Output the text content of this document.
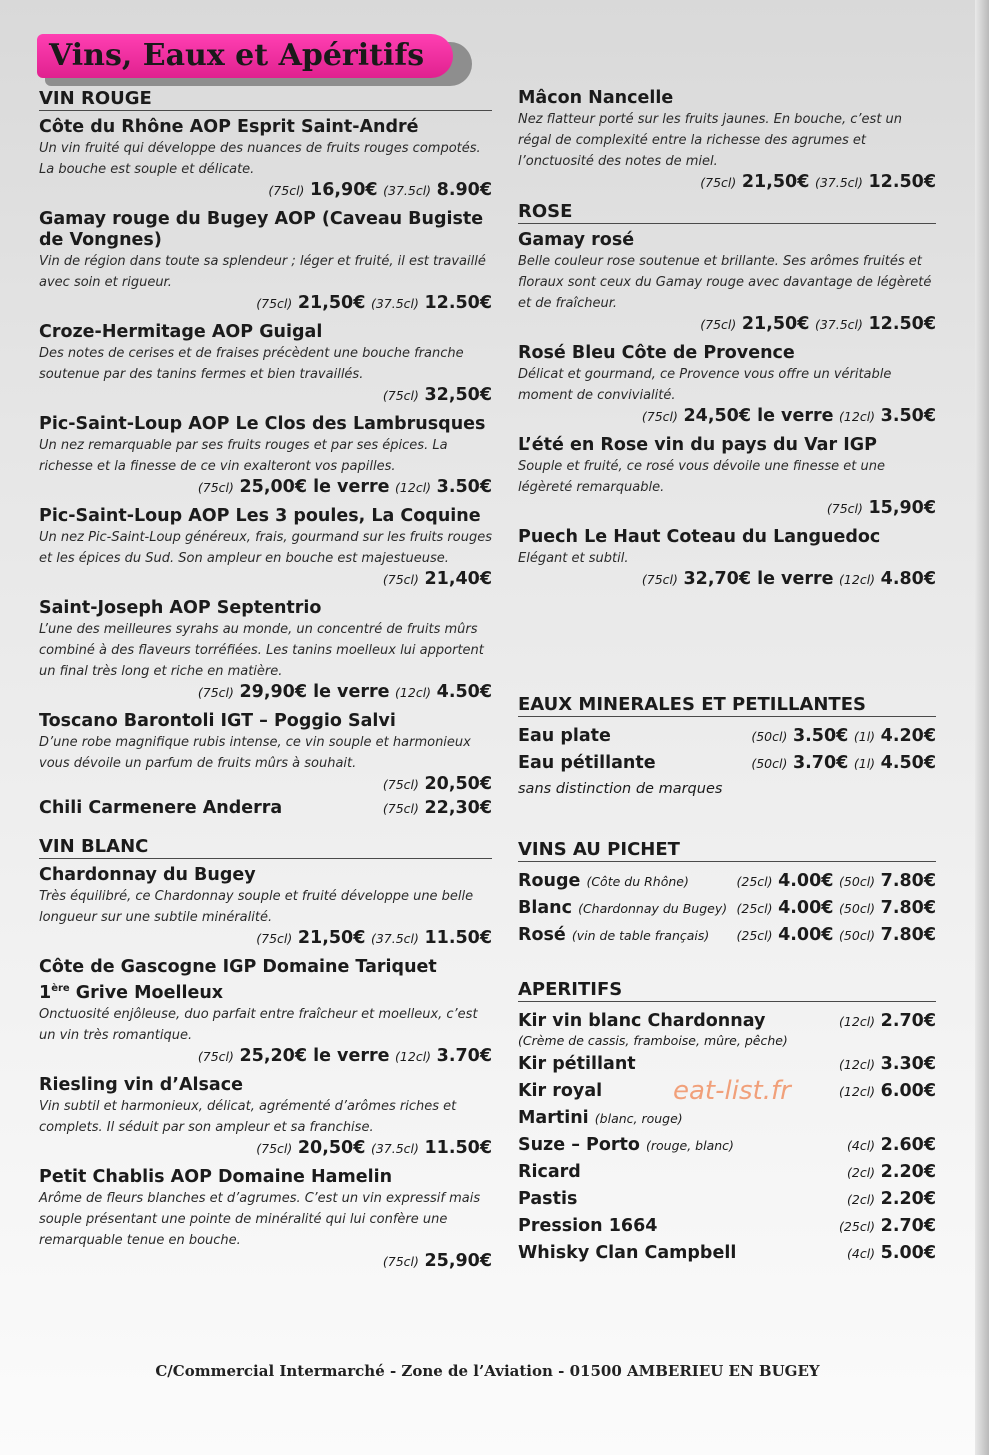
Vins, Eaux et Apéritifs
VIN ROUGE
Côte du Rhône AOP Esprit Saint-André
Un vin fruité qui développe des nuances de fruits rouges compotés. La bouche est souple et délicate.
(75cl) 16,90€ (37.5cl) 8.90€
Gamay rouge du Bugey AOP (Caveau Bugiste de Vongnes)
Vin de région dans toute sa splendeur ; léger et fruité, il est travaillé avec soin et rigueur.
(75cl) 21,50€ (37.5cl) 12.50€
Croze-Hermitage AOP Guigal
Des notes de cerises et de fraises précèdent une bouche franche soutenue par des tanins fermes et bien travaillés.
(75cl) 32,50€
Pic-Saint-Loup AOP Le Clos des Lambrusques
Un nez remarquable par ses fruits rouges et par ses épices. La richesse et la finesse de ce vin exalteront vos papilles.
(75cl) 25,00€ le verre (12cl) 3.50€
Pic-Saint-Loup AOP Les 3 poules, La Coquine
Un nez Pic-Saint-Loup généreux, frais, gourmand sur les fruits rouges et les épices du Sud. Son ampleur en bouche est majestueuse.
(75cl) 21,40€
Saint-Joseph AOP Septentrio
L’une des meilleures syrahs au monde, un concentré de fruits mûrs combiné à des flaveurs torréfiées. Les tanins moelleux lui apportent un final très long et riche en matière.
(75cl) 29,90€ le verre (12cl) 4.50€
Toscano Barontoli IGT – Poggio Salvi
D’une robe magnifique rubis intense, ce vin souple et harmonieux vous dévoile un parfum de fruits mûrs à souhait.
(75cl) 20,50€
Chili Carmenere Anderra	(75cl) 22,30€
VIN BLANC
Chardonnay du Bugey
Très équilibré, ce Chardonnay souple et fruité développe une belle longueur sur une subtile minéralité.
(75cl) 21,50€ (37.5cl) 11.50€
Côte de Gascogne IGP Domaine Tariquet
1ère Grive Moelleux
Onctuosité enjôleuse, duo parfait entre fraîcheur et moelleux, c’est un vin très romantique.
(75cl) 25,20€ le verre (12cl) 3.70€
Riesling vin d’Alsace
Vin subtil et harmonieux, délicat, agrémenté d’arômes riches et complets. Il séduit par son ampleur et sa franchise.
(75cl) 20,50€ (37.5cl) 11.50€
Petit Chablis AOP Domaine Hamelin
Arôme de fleurs blanches et d’agrumes. C’est un vin expressif mais souple présentant une pointe de minéralité qui lui confère une remarquable tenue en bouche.
(75cl) 25,90€
Mâcon Nancelle
Nez flatteur porté sur les fruits jaunes. En bouche, c’est un régal de complexité entre la richesse des agrumes et l’onctuosité des notes de miel.
(75cl) 21,50€ (37.5cl) 12.50€
ROSE
Gamay rosé
Belle couleur rose soutenue et brillante. Ses arômes fruités et floraux sont ceux du Gamay rouge avec davantage de légèreté et de fraîcheur.
(75cl) 21,50€ (37.5cl) 12.50€
Rosé Bleu Côte de Provence
Délicat et gourmand, ce Provence vous offre un véritable moment de convivialité.
(75cl) 24,50€ le verre (12cl) 3.50€
L’été en Rose vin du pays du Var IGP
Souple et fruité, ce rosé vous dévoile une finesse et une légèreté remarquable.
(75cl) 15,90€
Puech Le Haut Coteau du Languedoc
Elégant et subtil.
(75cl) 32,70€ le verre (12cl) 4.80€
EAUX MINERALES ET PETILLANTES
Eau plate	(50cl) 3.50€ (1l) 4.20€
Eau pétillante	(50cl) 3.70€ (1l) 4.50€
sans distinction de marques
VINS AU PICHET
Rouge (Côte du Rhône)	(25cl) 4.00€ (50cl) 7.80€
Blanc (Chardonnay du Bugey) (25cl) 4.00€ (50cl) 7.80€
Rosé (vin de table français) (25cl) 4.00€ (50cl) 7.80€
APERITIFS
Kir vin blanc Chardonnay	(12cl) 2.70€
(Crème de cassis, framboise, mûre, pêche)
Kir pétillant	(12cl) 3.30€
Kir royal	(12cl) 6.00€
Martini (blanc, rouge)
Suze – Porto (rouge, blanc)	(4cl) 2.60€
Ricard	(2cl) 2.20€
Pastis	(2cl) 2.20€
Pression 1664	(25cl) 2.70€
Whisky Clan Campbell	(4cl) 5.00€
eat-list.fr
C/Commercial Intermarché - Zone de l’Aviation - 01500 AMBERIEU EN BUGEY
